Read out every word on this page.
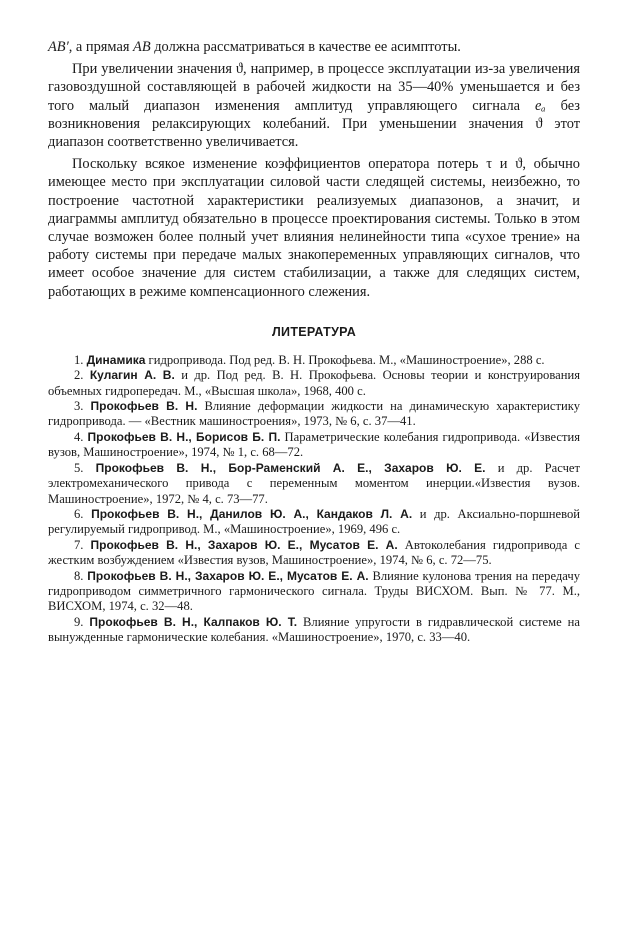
AB′, а прямая AB должна рассматриваться в качестве ее асимптоты.

При увеличении значения ϑ, например, в процессе эксплуатации из-за увеличения газовоздушной составляющей в рабочей жидкости на 35—40% уменьшается и без того малый диапазон изменения амплитуд управляющего сигнала eₐ без возникновения релаксирующих колебаний. При уменьшении значения ϑ этот диапазон соответственно увеличивается.

Поскольку всякое изменение коэффициентов оператора потерь τ и ϑ, обычно имеющее место при эксплуатации силовой части следящей системы, неизбежно, то построение частотной характеристики реализуемых диапазонов, а значит, и диаграммы амплитуд обязательно в процессе проектирования системы. Только в этом случае возможен более полный учет влияния нелинейности типа «сухое трение» на работу системы при передаче малых знакопеременных управляющих сигналов, что имеет особое значение для систем стабилизации, а также для следящих систем, работающих в режиме компенсационного слежения.

ЛИТЕРАТУРА

1. Динамика гидропривода. Под ред. В. Н. Прокофьева. М., «Машиностроение», 288 с.

2. Кулагин А. В. и др. Под ред. В. Н. Прокофьева. Основы теории и конструирования объемных гидропередач. М., «Высшая школа», 1968, 400 с.

3. Прокофьев В. Н. Влияние деформации жидкости на динамическую характеристику гидропривода. — «Вестник машиностроения», 1973, № 6, с. 37—41.

4. Прокофьев В. Н., Борисов Б. П. Параметрические колебания гидропривода. «Известия вузов, Машиностроение», 1974, № 1, с. 68—72.

5. Прокофьев В. Н., Бор-Раменский А. Е., Захаров Ю. Е. и др. Расчет электромеханического привода с переменным моментом инерции.«Известия вузов. Машиностроение», 1972, № 4, с. 73—77.

6. Прокофьев В. Н., Данилов Ю. А., Кандаков Л. А. и др. Аксиально-поршневой регулируемый гидропривод. М., «Машиностроение», 1969, 496 с.

7. Прокофьев В. Н., Захаров Ю. Е., Мусатов Е. А. Автоколебания гидропривода с жестким возбуждением «Известия вузов, Машиностроение», 1974, № 6, с. 72—75.

8. Прокофьев В. Н., Захаров Ю. Е., Мусатов Е. А. Влияние кулонова трения на передачу гидроприводом симметричного гармонического сигнала. Труды ВИСХОМ. Вып. № 77. М., ВИСХОМ, 1974, с. 32—48.

9. Прокофьев В. Н., Калпаков Ю. Т. Влияние упругости в гидравлической системе на вынужденные гармонические колебания. «Машиностроение», 1970, с. 33—40.
